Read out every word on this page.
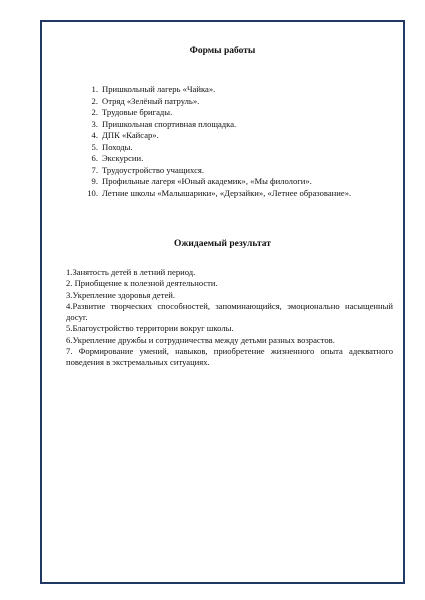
Формы работы
1. Пришкольный лагерь «Чайка».
2. Отряд «Зелёный патруль».
2. Трудовые бригады.
3. Пришкольная спортивная площадка.
4. ДПК «Кайсар».
5. Походы.
6. Экскурсии.
7. Трудоустройство учащихся.
9. Профильные лагеря «Юный академик», «Мы филологи».
10. Летние школы «Малышарики», «Дерзайки», «Летнее образование».
Ожидаемый результат

1.Занятость детей в летний период.

2. Приобщение к полезной деятельности.

3.Укрепление здоровья детей.

4.Развитие творческих способностей, запоминающийся, эмоционально насыщенный досуг.

5.Благоустройство территории вокруг школы.

6.Укрепление дружбы и сотрудничества между детьми разных возрастов.

7. Формирование умений, навыков, приобретение жизненного опыта адекватного поведения в экстремальных ситуациях.
